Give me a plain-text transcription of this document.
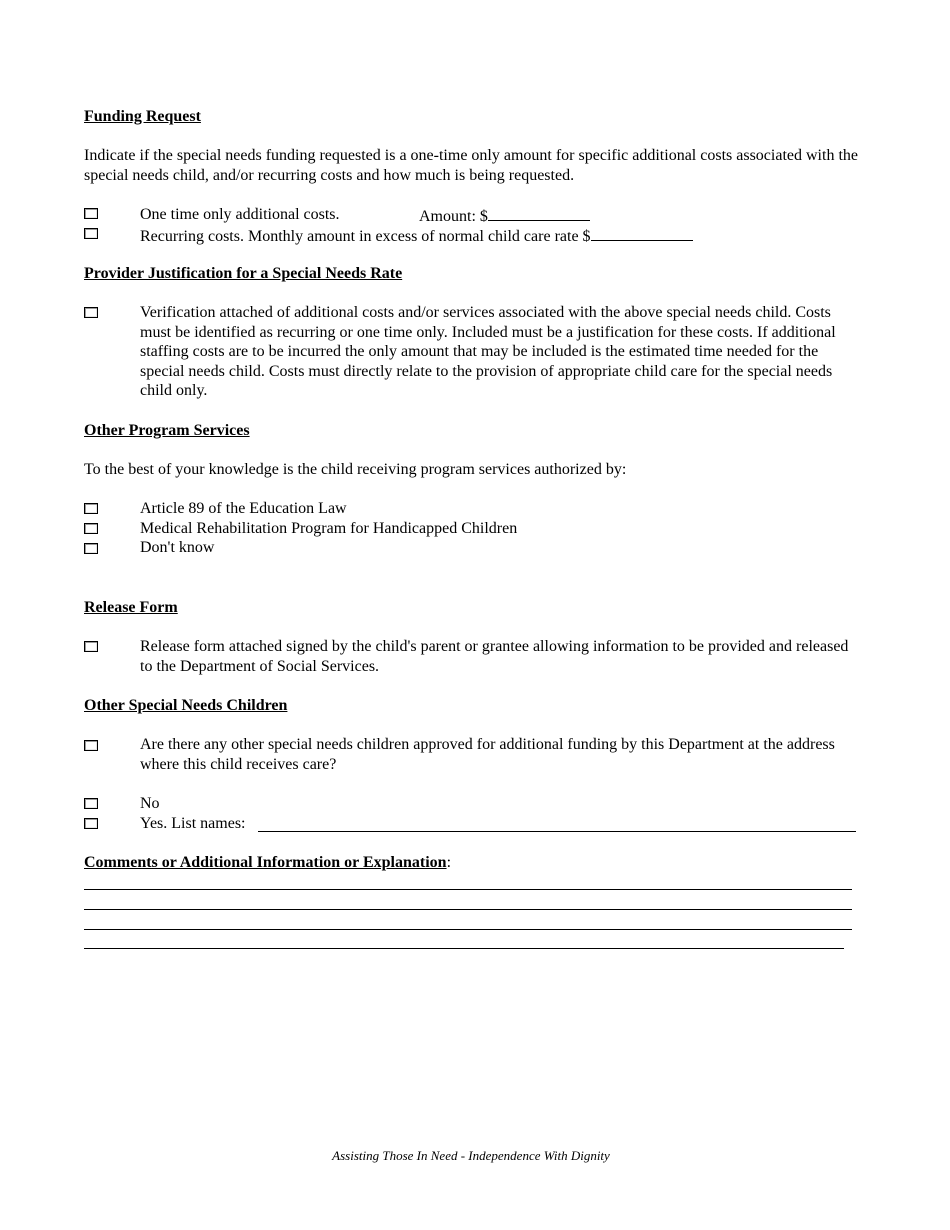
Funding Request
Indicate if the special needs funding requested is a one-time only amount for specific additional costs associated with the special needs child, and/or recurring costs and how much is being requested.
One time only additional costs.	Amount: $
Recurring costs. Monthly amount in excess of normal child care rate $
Provider Justification for a Special Needs Rate
Verification attached of additional costs and/or services associated with the above special needs child. Costs must be identified as recurring or one time only. Included must be a justification for these costs. If additional staffing costs are to be incurred the only amount that may be included is the estimated time needed for the special needs child. Costs must directly relate to the provision of appropriate child care for the special needs child only.
Other Program Services
To the best of your knowledge is the child receiving program services authorized by:
Article 89 of the Education Law
Medical Rehabilitation Program for Handicapped Children
Don't know
Release Form
Release form attached signed by the child's parent or grantee allowing information to be provided and released to the Department of Social Services.
Other Special Needs Children
Are there any other special needs children approved for additional funding by this Department at the address where this child receives care?
No
Yes. List names:
Comments or Additional Information or Explanation:
Assisting Those In Need - Independence With Dignity
